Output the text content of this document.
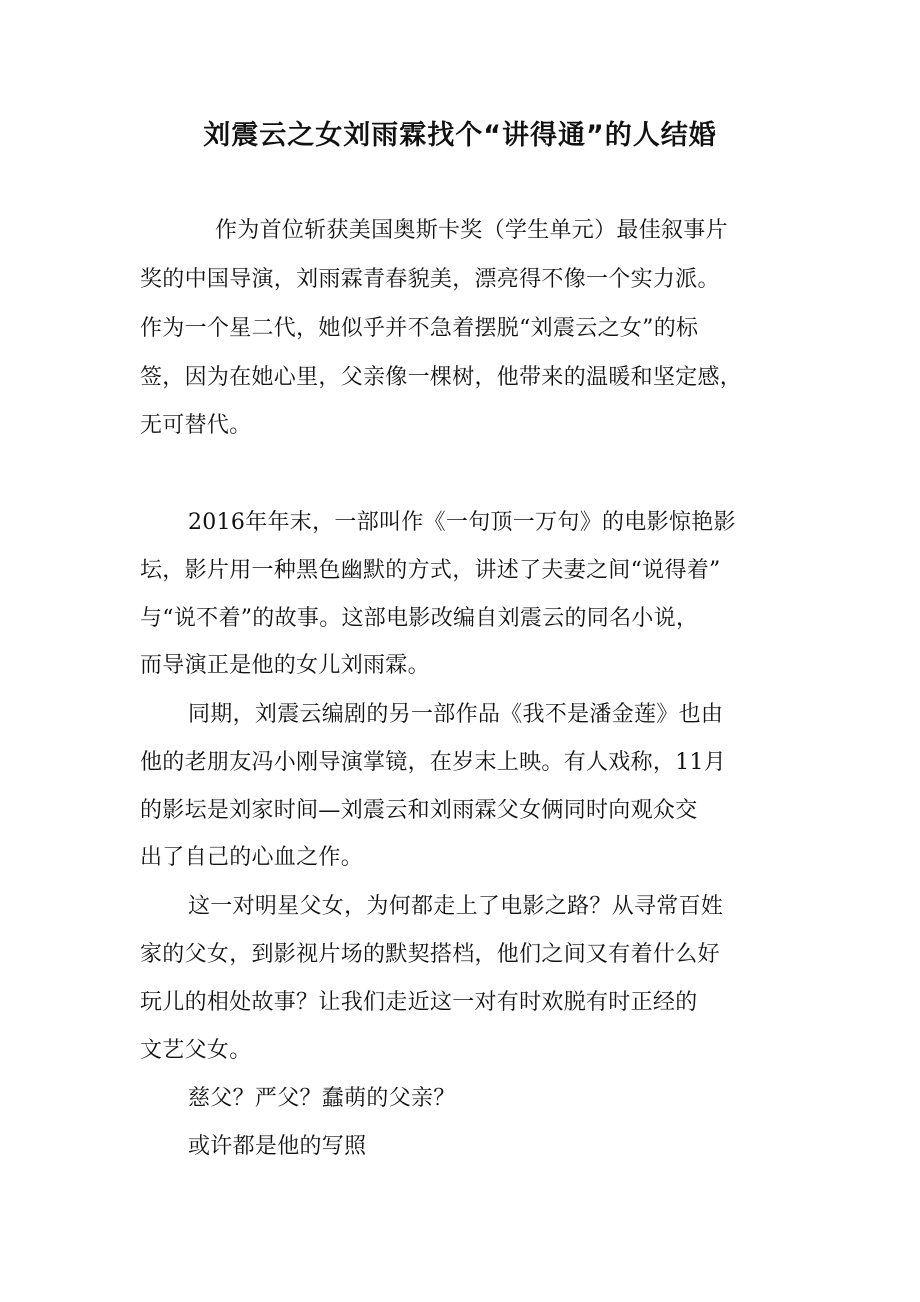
刘震云之女刘雨霖找个“讲得通”的人结婚
作为首位斩获美国奥斯卡奖（学生单元）最佳叙事片
奖的中国导演，刘雨霖青春貌美，漂亮得不像一个实力派。
作为一个星二代，她似乎并不急着摆脱“刘震云之女”的标
签，因为在她心里，父亲像一棵树，他带来的温暖和坚定感，
无可替代。
2016年年末，一部叫作《一句顶一万句》的电影惊艳影
坛，影片用一种黑色幽默的方式，讲述了夫妻之间“说得着”
与“说不着”的故事。这部电影改编自刘震云的同名小说，
而导演正是他的女儿刘雨霖。
同期，刘震云编剧的另一部作品《我不是潘金莲》也由
他的老朋友冯小刚导演掌镜，在岁末上映。有人戏称，11月
的影坛是刘家时间—刘震云和刘雨霖父女俩同时向观众交
出了自己的心血之作。
这一对明星父女，为何都走上了电影之路？从寻常百姓
家的父女，到影视片场的默契搭档，他们之间又有着什么好
玩儿的相处故事？让我们走近这一对有时欢脱有时正经的
文艺父女。
慈父？严父？蠢萌的父亲？
或许都是他的写照
